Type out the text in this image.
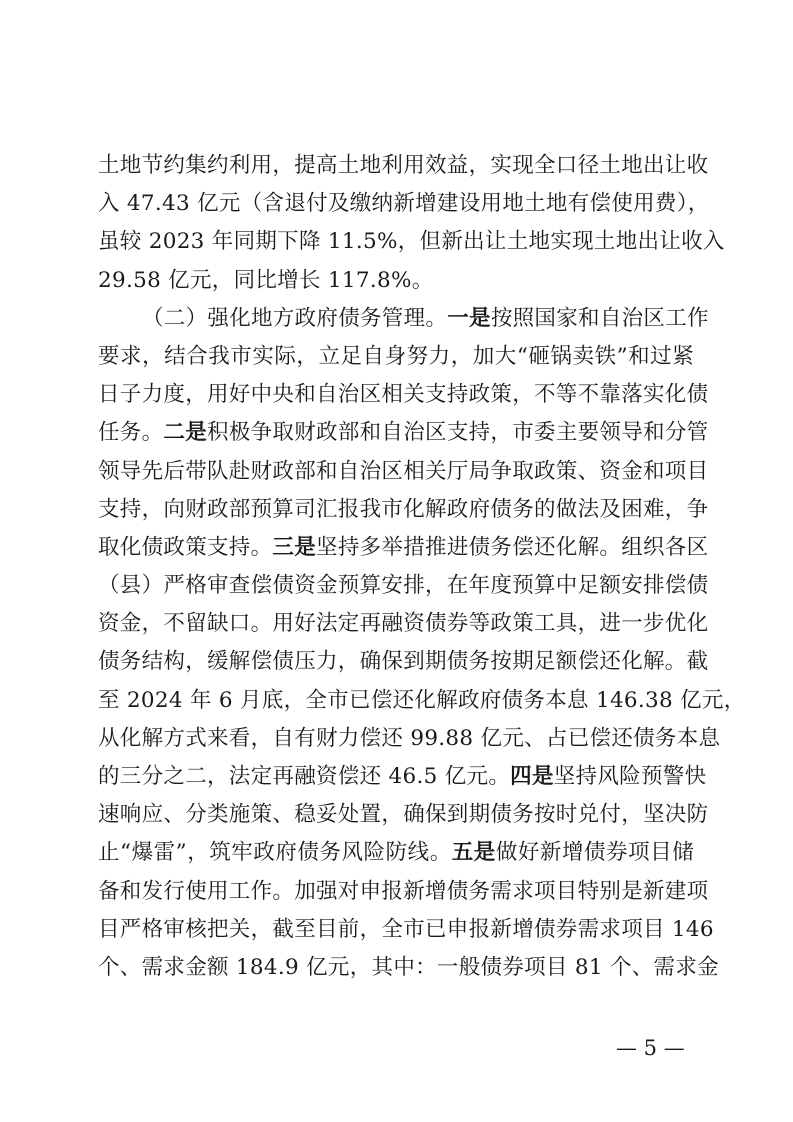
土地节约集约利用，提高土地利用效益，实现全口径土地出让收
入 47.43 亿元（含退付及缴纳新增建设用地土地有偿使用费），
虽较 2023 年同期下降 11.5%，但新出让土地实现土地出让收入
29.58 亿元，同比增长 117.8%。
（二）强化地方政府债务管理。一是按照国家和自治区工作
要求，结合我市实际，立足自身努力，加大“砸锅卖铁”和过紧
日子力度，用好中央和自治区相关支持政策，不等不靠落实化债
任务。二是积极争取财政部和自治区支持，市委主要领导和分管
领导先后带队赴财政部和自治区相关厅局争取政策、资金和项目
支持，向财政部预算司汇报我市化解政府债务的做法及困难，争
取化债政策支持。三是坚持多举措推进债务偿还化解。组织各区
（县）严格审查偿债资金预算安排，在年度预算中足额安排偿债
资金，不留缺口。用好法定再融资债券等政策工具，进一步优化
债务结构，缓解偿债压力，确保到期债务按期足额偿还化解。截
至 2024 年 6 月底，全市已偿还化解政府债务本息 146.38 亿元，
从化解方式来看，自有财力偿还 99.88 亿元、占已偿还债务本息
的三分之二，法定再融资偿还 46.5 亿元。四是坚持风险预警快
速响应、分类施策、稳妥处置，确保到期债务按时兑付，坚决防
止“爆雷”，筑牢政府债务风险防线。五是做好新增债券项目储
备和发行使用工作。加强对申报新增债务需求项目特别是新建项
目严格审核把关，截至目前，全市已申报新增债券需求项目 146
个、需求金额 184.9 亿元，其中：一般债券项目 81 个、需求金
— 5 —
